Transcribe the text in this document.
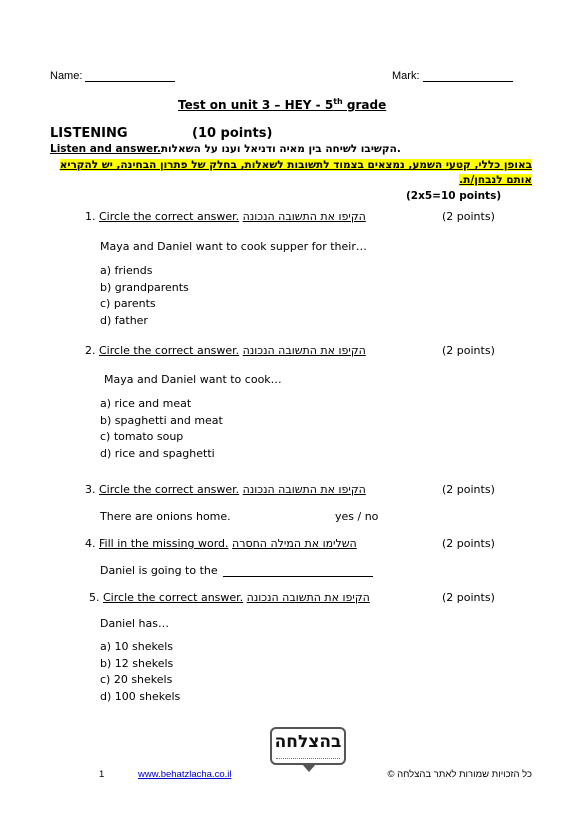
Name:	Mark:
Test on unit 3 – HEY - 5th grade
LISTENING	(10 points)
Listen and answer.הקשיבו לשיחה בין מאיה ודניאל וענו על השאלות.
באופן כללי, קטעי השמע, נמצאים בצמוד לתשובות לשאלות, בחלק של פתרון הבחינה, יש להקריא
אותם לנבחן/ת.
(2x5=10 points)
1. Circle the correct answer. הקיפו את התשובה הנכונה	(2 points)
Maya and Daniel want to cook supper for their…
a) friends
b) grandparents
c) parents
d) father
2. Circle the correct answer. הקיפו את התשובה הנכונה	(2 points)
Maya and Daniel want to cook…
a) rice and meat
b) spaghetti and meat
c) tomato soup
d) rice and spaghetti
3. Circle the correct answer. הקיפו את התשובה הנכונה	(2 points)
There are onions home.	yes / no
4. Fill in the missing word. השלימו את המילה החסרה	(2 points)
Daniel is going to the
5. Circle the correct answer. הקיפו את התשובה הנכונה	(2 points)
Daniel has…
a) 10 shekels
b) 12 shekels
c) 20 shekels
d) 100 shekels
בהצלחה
1	www.behatzlacha.co.il	כל הזכויות שמורות לאתר בהצלחה ©
